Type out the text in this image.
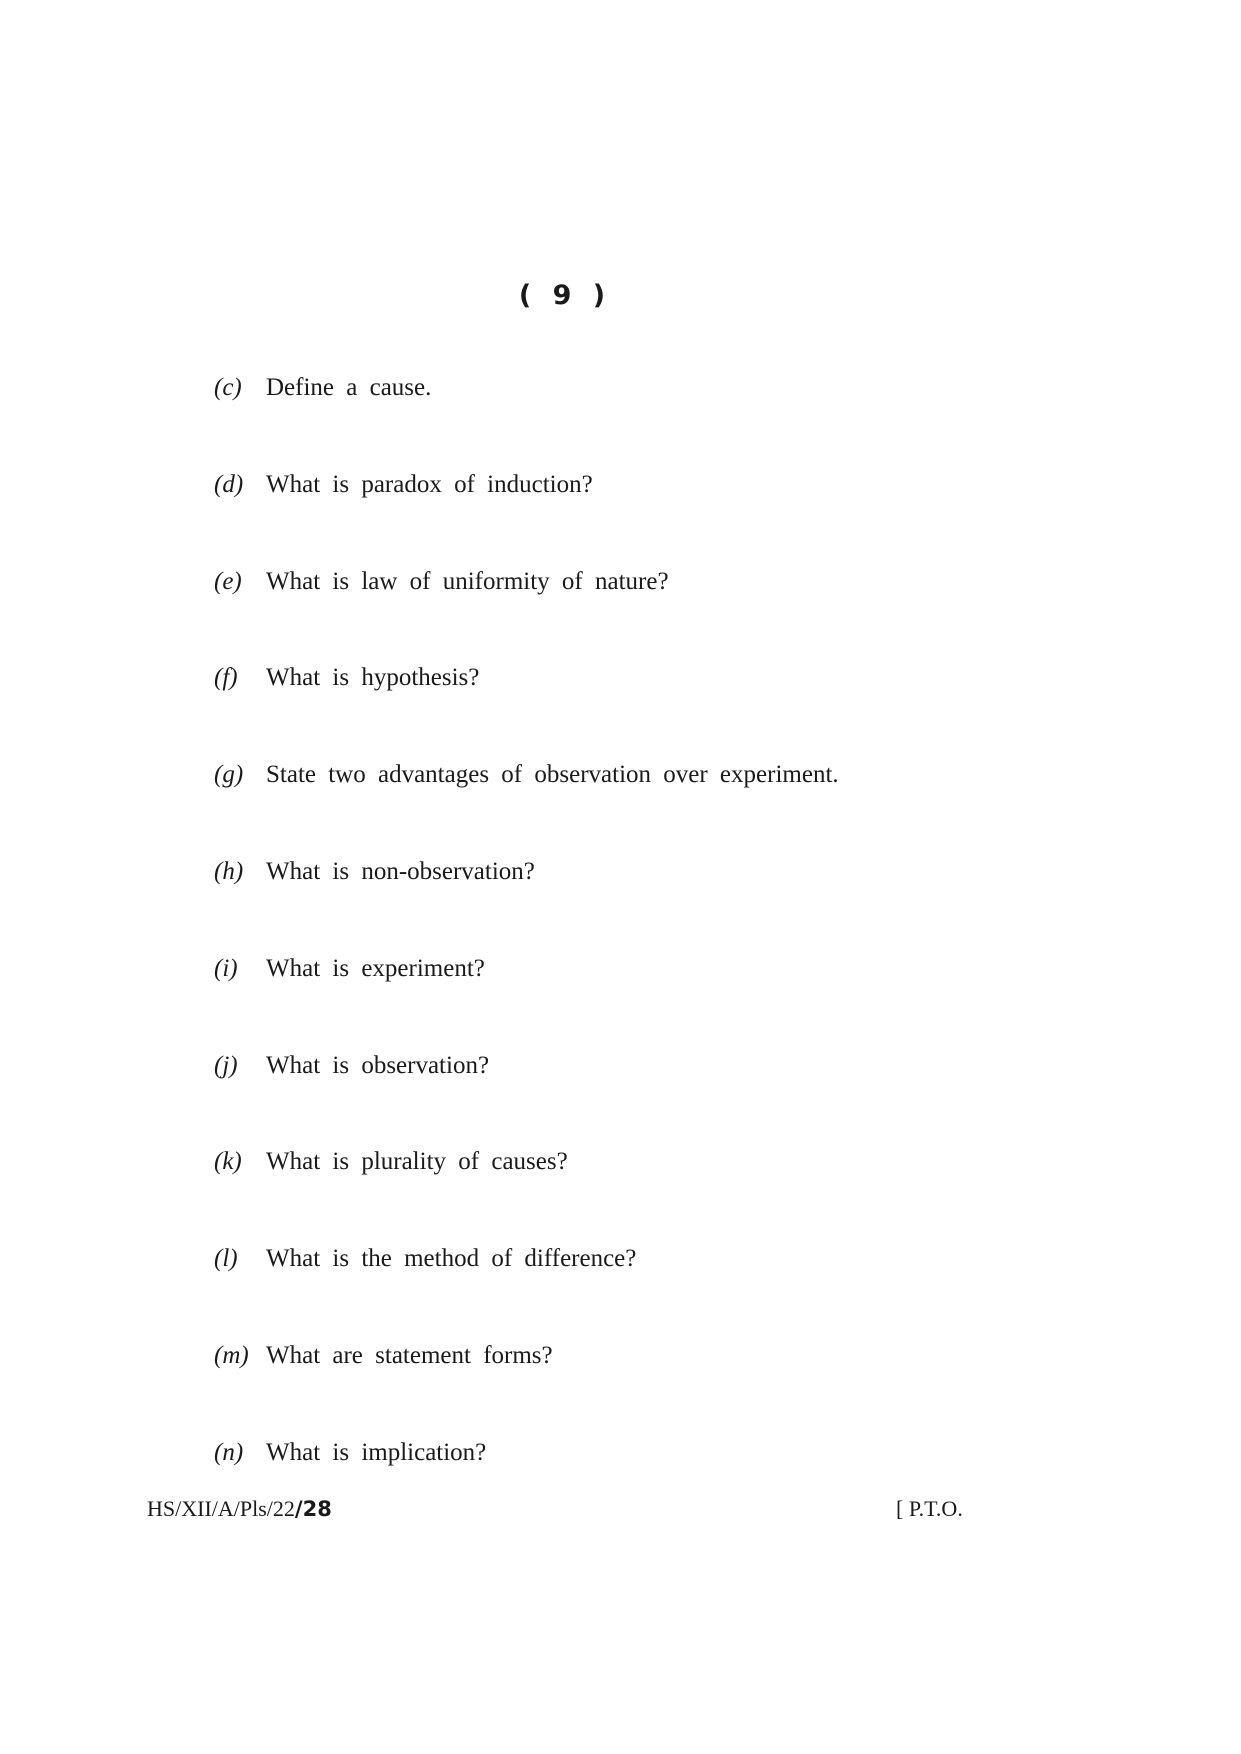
( 9 )
(c) Define a cause.
(d) What is paradox of induction?
(e) What is law of uniformity of nature?
(f) What is hypothesis?
(g) State two advantages of observation over experiment.
(h) What is non-observation?
(i) What is experiment?
(j) What is observation?
(k) What is plurality of causes?
(l) What is the method of difference?
(m) What are statement forms?
(n) What is implication?
HS/XII/A/Pls/22/28	[ P.T.O.
